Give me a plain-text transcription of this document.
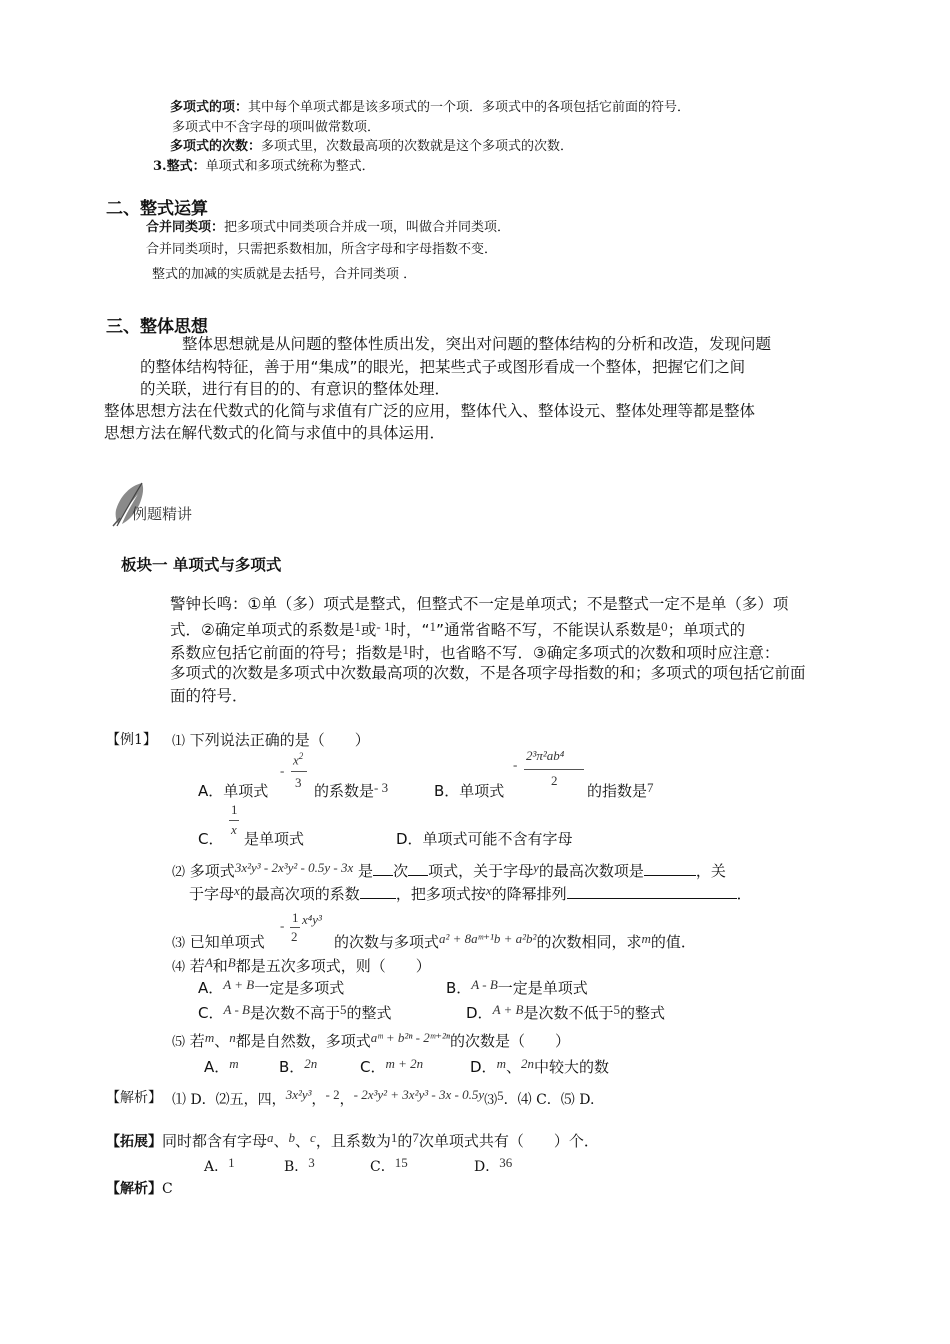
多项式的项：其中每个单项式都是该多项式的一个项．多项式中的各项包括它前面的符号．
多项式中不含字母的项叫做常数项．
多项式的次数：多项式里，次数最高项的次数就是这个多项式的次数．
3.整式：单项式和多项式统称为整式．
二、整式运算
合并同类项：把多项式中同类项合并成一项，叫做合并同类项．
合并同类项时，只需把系数相加，所含字母和字母指数不变．
整式的加减的实质就是去括号，合并同类项 ．
三、整体思想
整体思想就是从问题的整体性质出发，突出对问题的整体结构的分析和改造，发现问题
的整体结构特征，善于用“集成”的眼光，把某些式子或图形看成一个整体，把握它们之间
的关联，进行有目的的、有意识的整体处理．
整体思想方法在代数式的化简与求值有广泛的应用，整体代入、整体设元、整体处理等都是整体
思想方法在解代数式的化简与求值中的具体运用．
例题精讲
板块一 单项式与多项式
警钟长鸣：①单（多）项式是整式，但整式不一定是单项式；不是整式一定不是单（多）项
式．②确定单项式的系数是$^1$或$^{- 1}$时，“$^1$”通常省略不写，不能误认系数是$^0$；单项式的
系数应包括它前面的符号；指数是$^1$时，也省略不写．③确定多项式的次数和项时应注意：
多项式的次数是多项式中次数最高项的次数，不是各项字母指数的和；多项式的项包括它前面
面的符号．
【例1】 ⑴ 下列说法正确的是（　　）
A．单项式
-
$x^2$
3 的系数是- 3	B．单项式
-
2³π²ab⁴
2
的指数是7
1
x
C． 是单项式	D．单项式可能不含有字母
⑵ 多项式3x²y³ - 2x³y² - 0.5y - 3x 是 次 项式，关于字母y的最高次数项是	，关
于字母x的最高次项的系数 ，把多项式按x的降幂排列	．
-
1
2
x⁴y³
⑶ 已知单项式	的次数与多项式a² + 8aᵐ⁺¹b + a²b²的次数相同，求m的值．
⑷ 若A和B都是五次多项式，则（　　）
A．A + B一定是多项式	B．A - B一定是单项式
C．A - B是次数不高于5的整式	D．A + B是次数不低于5的整式
⑸ 若m、n都是自然数，多项式aᵐ + b²ⁿ - 2ᵐ⁺²ⁿ的次数是（　　）
A．m	B．2n	C．m + 2n	D．m、2n中较大的数
【解析】 ⑴ D．⑵五，四，3x²y³，- 2，- 2x³y² + 3x²y³ - 3x - 0.5y⑶5．⑷ C．⑸ D.
【拓展】同时都含有字母a、b、c，且系数为1的7次单项式共有（　　）个．
A．1	B．3	C．15	D．36
【解析】C
